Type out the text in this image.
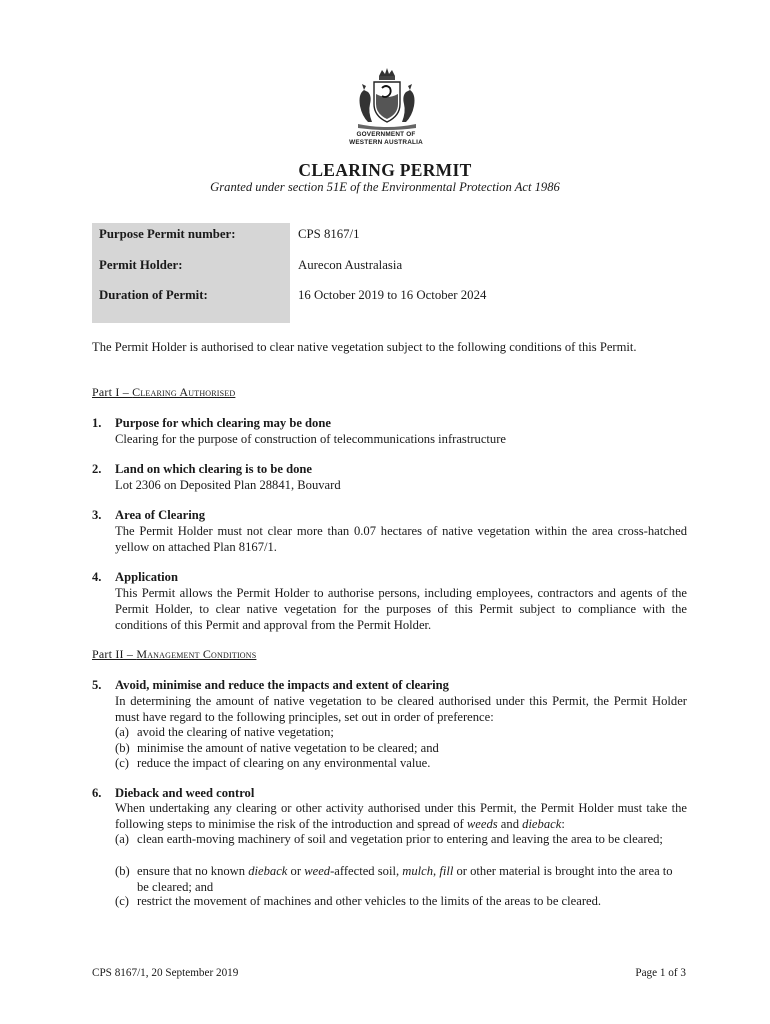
GOVERNMENT OF
WESTERN AUSTRALIA
CLEARING PERMIT
Granted under section 51E of the Environmental Protection Act 1986
Purpose Permit number:	CPS 8167/1
Permit Holder:	Aurecon Australasia
Duration of Permit:	16 October 2019 to 16 October 2024
The Permit Holder is authorised to clear native vegetation subject to the following conditions of this Permit.
Part I – Clearing Authorised
1. Purpose for which clearing may be done
Clearing for the purpose of construction of telecommunications infrastructure
2. Land on which clearing is to be done
Lot 2306 on Deposited Plan 28841, Bouvard
3. Area of Clearing
The Permit Holder must not clear more than 0.07 hectares of native vegetation within the area cross-hatched yellow on attached Plan 8167/1.
4. Application
This Permit allows the Permit Holder to authorise persons, including employees, contractors and agents of the Permit Holder, to clear native vegetation for the purposes of this Permit subject to compliance with the conditions of this Permit and approval from the Permit Holder.
Part II – Management Conditions
5. Avoid, minimise and reduce the impacts and extent of clearing
In determining the amount of native vegetation to be cleared authorised under this Permit, the Permit Holder must have regard to the following principles, set out in order of preference:
(a) avoid the clearing of native vegetation;
(b) minimise the amount of native vegetation to be cleared; and
(c) reduce the impact of clearing on any environmental value.
6. Dieback and weed control
When undertaking any clearing or other activity authorised under this Permit, the Permit Holder must take the following steps to minimise the risk of the introduction and spread of weeds and dieback:
(a) clean earth-moving machinery of soil and vegetation prior to entering and leaving the area to be cleared;
(b) ensure that no known dieback or weed-affected soil, mulch, fill or other material is brought into the area to be cleared; and
(c) restrict the movement of machines and other vehicles to the limits of the areas to be cleared.
CPS 8167/1, 20 September 2019	Page 1 of 3
